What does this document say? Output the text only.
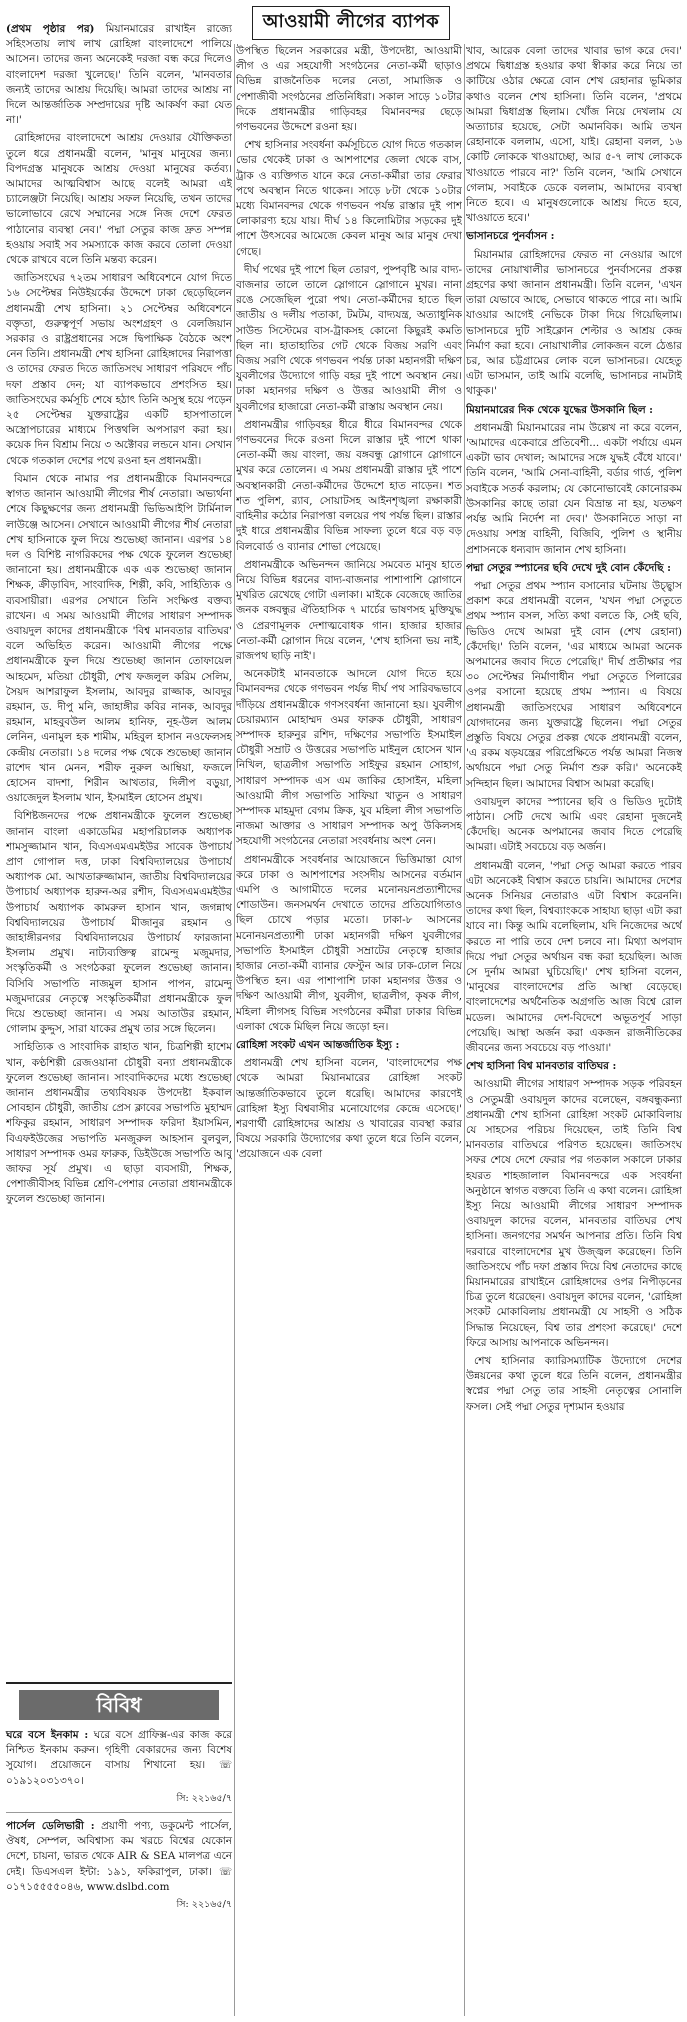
আওয়ামী লীগের ব্যাপক

(প্রথম পৃষ্ঠার পর) মিয়ানমারের রাখাইন রাজ্যে সহিংসতায় লাখ লাখ রোহিঙ্গা বাংলাদেশে পালিয়ে আসেন। তাদের জন্য অনেকেই দরজা বন্ধ করে দিলেও বাংলাদেশ দরজা খুলেছে।' তিনি বলেন, 'মানবতার জন্যই তাদের আশ্রয় দিয়েছি। আমরা তাদের আশ্রয় না দিলে আন্তর্জাতিক সম্প্রদায়ের দৃষ্টি আকর্ষণ করা যেত না।'

রোহিঙ্গাদের বাংলাদেশে আশ্রয় দেওয়ার যৌক্তিকতা তুলে ধরে প্রধানমন্ত্রী বলেন, 'মানুষ মানুষের জন্য। বিপদগ্রস্ত মানুষকে আশ্রয় দেওয়া মানুষের কর্তব্য। আমাদের আত্মবিশ্বাস আছে বলেই আমরা এই চ্যালেঞ্জটা নিয়েছি। আশ্রয় সফল নিয়েছি, তখন তাদের ভালোভাবে রেখে সম্মানের সঙ্গে নিজ দেশে ফেরত পাঠানোর ব্যবস্থা নেব।' পদ্মা সেতুর কাজ দ্রুত সম্পন্ন হওয়ায় সবাই সব সমস্যাকে কাজ করবে তোলা দেওয়া থেকে রাখবে বলে তিনি মন্তব্য করেন।

জাতিসংঘের ৭২তম সাধারণ অধিবেশনে যোগ দিতে ১৬ সেপ্টেম্বর নিউইয়র্কের উদ্দেশে ঢাকা ছেড়েছিলেন প্রধানমন্ত্রী শেখ হাসিনা। ২১ সেপ্টেম্বর অধিবেশনে বক্তৃতা, গুরুত্বপূর্ণ সভায় অংশগ্রহণ ও বেলজিয়ান সরকার ও রাষ্ট্রপ্রধানের সঙ্গে দ্বিপাক্ষিক বৈঠকে অংশ নেন তিনি। প্রধানমন্ত্রী শেখ হাসিনা রোহিঙ্গাদের নিরাপত্তা ও তাদের ফেরত দিতে জাতিসংঘ সাধারণ পরিষদে পাঁচ দফা প্রস্তাব দেন; যা ব্যাপকভাবে প্রশংসিত হয়। জাতিসংঘের কর্মসূচি শেষে হঠাৎ তিনি অসুস্থ হয়ে পড়েন ২৫ সেপ্টেম্বর যুক্তরাষ্ট্রের একটি হাসপাতালে অস্ত্রোপচারের মাধ্যমে পিত্তথলি অপসারণ করা হয়। কয়েক দিন বিশ্রাম নিয়ে ৩ অক্টোবর লন্ডনে যান। সেখান থেকে গতকাল দেশের পথে রওনা হন প্রধানমন্ত্রী।

বিমান থেকে নামার পর প্রধানমন্ত্রীকে বিমানবন্দরে স্বাগত জানান আওয়ামী লীগের শীর্ষ নেতারা। অভ্যর্থনা শেষে কিছুক্ষণের জন্য প্রধানমন্ত্রী ভিভিআইপি টার্মিনাল লাউঞ্জে আসেন। সেখানে আওয়ামী লীগের শীর্ষ নেতারা শেখ হাসিনাকে ফুল দিয়ে শুভেচ্ছা জানান। এরপর ১৪ দল ও বিশিষ্ট নাগরিকদের পক্ষ থেকে ফুলেল শুভেচ্ছা জানানো হয়। প্রধানমন্ত্রীকে এক এক শুভেচ্ছা জানান শিক্ষক, ক্রীড়াবিদ, সাংবাদিক, শিল্পী, কবি, সাহিত্যিক ও ব্যবসায়ীরা। এরপর সেখানে তিনি সংক্ষিপ্ত বক্তব্য রাখেন। এ সময় আওয়ামী লীগের সাধারণ সম্পাদক ওবায়দুল কাদের প্রধানমন্ত্রীকে 'বিশ্ব মানবতার বাতিঘর' বলে অভিহিত করেন। আওয়ামী লীগের পক্ষে প্রধানমন্ত্রীকে ফুল দিয়ে শুভেচ্ছা জানান তোফায়েল আহমেদ, মতিয়া চৌধুরী, শেখ ফজলুল করিম সেলিম, সৈয়দ আশরাফুল ইসলাম, আবদুর রাজ্জাক, আবদুর রহমান, ড. দীপু মনি, জাহাঙ্গীর কবির নানক, আবদুর রহমান, মাহবুবউল আলম হানিফ, নূহ-উল আলম লেনিন, এনামুল হক শামীম, মহিবুল হাসান নওফেলসহ কেন্দ্রীয় নেতারা। ১৪ দলের পক্ষ থেকে শুভেচ্ছা জানান রাশেদ খান মেনন, শরীফ নুরুল আম্বিয়া, ফজলে হোসেন বাদশা, শিরীন আখতার, দিলীপ বড়ুয়া, ওয়াজেদুল ইসলাম খান, ইসমাইল হোসেন প্রমুখ।

বিশিষ্টজনদের পক্ষে প্রধানমন্ত্রীকে ফুলেল শুভেচ্ছা জানান বাংলা একাডেমির মহাপরিচালক অধ্যাপক শামসুজ্জামান খান, বিএসএমএমইউর সাবেক উপাচার্য প্রাণ গোপাল দত্ত, ঢাকা বিশ্ববিদ্যালয়ের উপাচার্য অধ্যাপক মো. আখতারুজ্জামান, জাতীয় বিশ্ববিদ্যালয়ের উপাচার্য অধ্যাপক হারুন-অর রশীদ, বিএসএমএমইউর উপাচার্য অধ্যাপক কামরুল হাসান খান, জগন্নাথ বিশ্ববিদ্যালয়ের উপাচার্য মীজানুর রহমান ও জাহাঙ্গীরনগর বিশ্ববিদ্যালয়ের উপাচার্য ফারজানা ইসলাম প্রমুখ। নাট্যব্যক্তিত্ব রামেন্দু মজুমদার, সংস্কৃতিকর্মী ও সংগঠকরা ফুলেল শুভেচ্ছা জানান। বিসিবি সভাপতি নাজমুল হাসান পাপন, রামেন্দু মজুমদারের নেতৃত্বে সংস্কৃতিকর্মীরা প্রধানমন্ত্রীকে ফুল দিয়ে শুভেচ্ছা জানান। এ সময় আতাউর রহমান, গোলাম কুদ্দুস, সারা যাকের প্রমুখ তার সঙ্গে ছিলেন।

সাহিত্যিক ও সাংবাদিক রাহাত খান, চিত্রশিল্পী হাশেম খান, কণ্ঠশিল্পী রেজওয়ানা চৌধুরী বন্যা প্রধানমন্ত্রীকে ফুলেল শুভেচ্ছা জানান। সাংবাদিকদের মধ্যে শুভেচ্ছা জানান প্রধানমন্ত্রীর তথ্যবিষয়ক উপদেষ্টা ইকবাল সোবহান চৌধুরী, জাতীয় প্রেস ক্লাবের সভাপতি মুহাম্মদ শফিকুর রহমান, সাধারণ সম্পাদক ফরিদা ইয়াসমিন, বিএফইউজের সভাপতি মনজুরুল আহসান বুলবুল, সাধারণ সম্পাদক ওমর ফারুক, ডিইউজে সভাপতি আবু জাফর সূর্য প্রমুখ। এ ছাড়া ব্যবসায়ী, শিক্ষক, পেশাজীবীসহ বিভিন্ন শ্রেণি-পেশার নেতারা প্রধানমন্ত্রীকে ফুলেল শুভেচ্ছা জানান।

বিবিধ
ঘরে বসে ইনকাম : ঘরে বসে গ্রাফিক্স-এর কাজ করে নিশ্চিত ইনকাম করুন। গৃহিণী বেকারদের জন্য বিশেষ সুযোগ। প্রয়োজনে বাসায় শিখানো হয়। ☏ ০১৯১২০৩১৩৭০।
সি: ২২১৬৫/৭
পার্সেল ডেলিভারী : প্রয়াণী পণ্য, ডকুমেন্ট পার্সেল, ঔষধ, সেম্পল, অবিশ্বাস্য কম খরচে বিশ্বের যেকোন দেশে, চায়না, ভারত থেকে AIR & SEA মালপত্র এনে দেই। ডিএসএল ইন্টা: ১৯১, ফকিরাপুল, ঢাকা। ☏ ০১৭১৫৫৫৫০৪৬, www.dslbd.com
সি: ২২১৬৫/৭

উপস্থিত ছিলেন সরকারের মন্ত্রী, উপদেষ্টা, আওয়ামী লীগ ও এর সহযোগী সংগঠনের নেতা-কর্মী ছাড়াও বিভিন্ন রাজনৈতিক দলের নেতা, সামাজিক ও পেশাজীবী সংগঠনের প্রতিনিধিরা। সকাল সাড়ে ১০টার দিকে প্রধানমন্ত্রীর গাড়িবহর বিমানবন্দর ছেড়ে গণভবনের উদ্দেশে রওনা হয়।

শেখ হাসিনার সংবর্ধনা কর্মসূচিতে যোগ দিতে গতকাল ভোর থেকেই ঢাকা ও আশপাশের জেলা থেকে বাস, ট্রাক ও ব্যক্তিগত যানে করে নেতা-কর্মীরা তার ফেরার পথে অবস্থান নিতে থাকেন। সাড়ে ৮টা থেকে ১০টার মধ্যে বিমানবন্দর থেকে গণভবন পর্যন্ত রাস্তার দুই পাশ লোকারণ্য হয়ে যায়। দীর্ঘ ১৪ কিলোমিটার সড়কের দুই পাশে উৎসবের আমেজে কেবল মানুষ আর মানুষ দেখা গেছে।

দীর্ঘ পথের দুই পাশে ছিল তোরণ, পুষ্পবৃষ্টি আর বাদ্য-বাজনার তালে তালে স্লোগানে স্লোগানে মুখর। নানা রঙে সেজেছিল পুরো পথ। নেতা-কর্মীদের হাতে ছিল জাতীয় ও দলীয় পতাকা, টমটম, বাদ্যযন্ত্র, অত্যাধুনিক সাউন্ড সিস্টেমের বাস-ট্রাকসহ কোনো কিছুরই কমতি ছিল না। হাতাহাতির গেট থেকে বিজয় সরণি এবং বিজয় সরণি থেকে গণভবন পর্যন্ত ঢাকা মহানগরী দক্ষিণ যুবলীগের উদ্যোগে গাড়ি বহর দুই পাশে অবস্থান নেয়। ঢাকা মহানগর দক্ষিণ ও উত্তর আওয়ামী লীগ ও যুবলীগের হাজারো নেতা-কর্মী রাস্তায় অবস্থান নেয়।

প্রধানমন্ত্রীর গাড়িবহর ধীরে ধীরে বিমানবন্দর থেকে গণভবনের দিকে রওনা দিলে রাস্তার দুই পাশে থাকা নেতা-কর্মী জয় বাংলা, জয় বঙ্গবন্ধু স্লোগানে স্লোগানে মুখর করে তোলেন। এ সময় প্রধানমন্ত্রী রাস্তার দুই পাশে অবস্থানকারী নেতা-কর্মীদের উদ্দেশে হাত নাড়েন। শত শত পুলিশ, র‍্যাব, সোয়াটসহ আইনশৃঙ্খলা রক্ষাকারী বাহিনীর কঠোর নিরাপত্তা বলয়ের পথ পর্যন্ত ছিল। রাস্তার দুই ধারে প্রধানমন্ত্রীর বিভিন্ন সাফল্য তুলে ধরে বড় বড় বিলবোর্ড ও ব্যানার শোভা পেয়েছে।

প্রধানমন্ত্রীকে অভিনন্দন জানিয়ে সমবেত মানুষ হাতে নিয়ে বিভিন্ন ধরনের বাদ্য-বাজনার পাশাপাশি স্লোগানে মুখরিত রেখেছে গোটা এলাকা। মাইকে বেজেছে জাতির জনক বঙ্গবন্ধুর ঐতিহাসিক ৭ মার্চের ভাষণসহ মুক্তিযুদ্ধ ও প্রেরণামূলক দেশাত্মবোধক গান। হাজার হাজার নেতা-কর্মী স্লোগান দিয়ে বলেন, 'শেখ হাসিনা ভয় নাই, রাজপথ ছাড়ি নাই'।

অনেকটাই মানবতাকে আদলে যোগ দিতে হয়ে বিমানবন্দর থেকে গণভবন পর্যন্ত দীর্ঘ পথ সারিবদ্ধভাবে দাঁড়িয়ে প্রধানমন্ত্রীকে গণসংবর্ধনা জানানো হয়। যুবলীগ চেয়ারম্যান মোহাম্মদ ওমর ফারুক চৌধুরী, সাধারণ সম্পাদক হারুনুর রশিদ, দক্ষিণের সভাপতি ইসমাইল চৌধুরী সম্রাট ও উত্তরের সভাপতি মাইনুল হোসেন খান নিখিল, ছাত্রলীগ সভাপতি সাইফুর রহমান সোহাগ, সাধারণ সম্পাদক এস এম জাকির হোসাইন, মহিলা আওয়ামী লীগ সভাপতি সাফিয়া খাতুন ও সাধারণ সম্পাদক মাহমুদা বেগম ক্রিক, যুব মহিলা লীগ সভাপতি নাজমা আক্তার ও সাধারণ সম্পাদক অপু উকিলসহ সহযোগী সংগঠনের নেতারা সংবর্ধনায় অংশ নেন।

প্রধানমন্ত্রীকে সংবর্ধনার আয়োজনে ভিত্তিমান্তা যোগ করে ঢাকা ও আশপাশের সংসদীয় আসনের বর্তমান এমপি ও আগামীতে দলের মনোনয়নপ্রত্যাশীদের শোডাউন। জনসমর্থন দেখাতে তাদের প্রতিযোগিতাও ছিল চোখে পড়ার মতো। ঢাকা-৮ আসনের মনোনয়নপ্রত্যাশী ঢাকা মহানগরী দক্ষিণ যুবলীগের সভাপতি ইসমাইল চৌধুরী সম্রাটের নেতৃত্বে হাজার হাজার নেতা-কর্মী ব্যানার ফেস্টুন আর ঢাক-ঢোল নিয়ে উপস্থিত হন। এর পাশাপাশি ঢাকা মহানগর উত্তর ও দক্ষিণ আওয়ামী লীগ, যুবলীগ, ছাত্রলীগ, কৃষক লীগ, মহিলা লীগসহ বিভিন্ন সংগঠনের কর্মীরা ঢাকার বিভিন্ন এলাকা থেকে মিছিল নিয়ে জড়ো হন।

রোহিঙ্গা সংকট এখন আন্তর্জাতিক ইস্যু :

প্রধানমন্ত্রী শেখ হাসিনা বলেন, 'বাংলাদেশের পক্ষ থেকে আমরা মিয়ানমারের রোহিঙ্গা সংকট আন্তর্জাতিকভাবে তুলে ধরেছি। আমাদের কারণেই রোহিঙ্গা ইস্যু বিশ্ববাসীর মনোযোগের কেন্দ্রে এসেছে।' শরণার্থী রোহিঙ্গাদের আশ্রয় ও খাবারের ব্যবস্থা করার বিষয়ে সরকারি উদ্যোগের কথা তুলে ধরে তিনি বলেন, 'প্রয়োজনে এক বেলা

খাব, আরেক বেলা তাদের খাবার ভাগ করে দেব।' প্রথমে দ্বিধাগ্রস্ত হওয়ার কথা স্বীকার করে নিয়ে তা কাটিয়ে ওঠার ক্ষেত্রে বোন শেখ রেহানার ভূমিকার কথাও বলেন শেখ হাসিনা। তিনি বলেন, 'প্রথমে আমরা দ্বিধাগ্রস্ত ছিলাম। খোঁজ নিয়ে দেখলাম যে অত্যাচার হয়েছে, সেটা অমানবিক। আমি তখন রেহানাকে বললাম, এসো, যাই। রেহানা বলল, ১৬ কোটি লোককে খাওয়াচ্ছো, আর ৫-৭ লাখ লোককে খাওয়াতে পারবে না?' তিনি বলেন, 'আমি সেখানে গেলাম, সবাইকে ডেকে বললাম, আমাদের ব্যবস্থা নিতে হবে। এ মানুষগুলোকে আশ্রয় দিতে হবে, খাওয়াতে হবে।'

ভাসানচরে পুনর্বাসন :

মিয়ানমার রোহিঙ্গাদের ফেরত না নেওয়ার আগে তাদের নোয়াখালীর ভাসানচরে পুনর্বাসনের প্রকল্প গ্রহণের কথা জানান প্রধানমন্ত্রী। তিনি বলেন, 'এখন তারা যেভাবে আছে, সেভাবে থাকতে পারে না। আমি যাওয়ার আগেই নেভিকে টাকা দিয়ে গিয়েছিলাম। ভাসানচরে দুটি সাইক্লোন শেল্টার ও আশ্রয় কেন্দ্র নির্মাণ করা হবে। নোয়াখালীর লোকজন বলে ঠেঙার চর, আর চট্টগ্রামের লোক বলে ভাসানচর। যেহেতু এটা ভাসমান, তাই আমি বলেছি, ভাসানচর নামটাই থাকুক।'

মিয়ানমারের দিক থেকে যুদ্ধের উসকানি ছিল :

প্রধানমন্ত্রী মিয়ানমারের নাম উল্লেখ না করে বলেন, 'আমাদের একেবারে প্রতিবেশী... একটা পর্যায়ে এমন একটা ভাব দেখাল; আমাদের সঙ্গে যুদ্ধই বেঁধে যাবে।' তিনি বলেন, 'আমি সেনা-বাহিনী, বর্ডার গার্ড, পুলিশ সবাইকে সতর্ক করলাম; যে কোনোভাবেই কোনোরকম উসকানির কাছে তারা যেন বিভ্রান্ত না হয়, যতক্ষণ পর্যন্ত আমি নির্দেশ না দেব।' উসকানিতে সাড়া না দেওয়ায় সশস্ত্র বাহিনী, বিজিবি, পুলিশ ও স্থানীয় প্রশাসনকে ধন্যবাদ জানান শেখ হাসিনা।

পদ্মা সেতুর স্প্যানের ছবি দেখে দুই বোন কেঁদেছি :

পদ্মা সেতুর প্রথম স্প্যান বসানোর ঘটনায় উচ্ছ্বাস প্রকাশ করে প্রধানমন্ত্রী বলেন, 'যখন পদ্মা সেতুতে প্রথম স্প্যান বসল, সত্যি কথা বলতে কি, সেই ছবি, ভিডিও দেখে আমরা দুই বোন (শেখ রেহানা) কেঁদেছি।' তিনি বলেন, 'এর মাধ্যমে আমরা অনেক অপমানের জবাব দিতে পেরেছি।' দীর্ঘ প্রতীক্ষার পর ৩০ সেপ্টেম্বর নির্মাণাধীন পদ্মা সেতুতে পিলারের ওপর বসানো হয়েছে প্রথম স্প্যান। এ বিষয়ে প্রধানমন্ত্রী জাতিসংঘের সাধারণ অধিবেশনে যোগদানের জন্য যুক্তরাষ্ট্রে ছিলেন। পদ্মা সেতুর প্রস্তুতি বিষয়ে সেতুর প্রকল্প থেকে প্রধানমন্ত্রী বলেন, 'এ রকম ষড়যন্ত্রের পরিপ্রেক্ষিতে পর্যন্ত আমরা নিজস্ব অর্থায়নে পদ্মা সেতু নির্মাণ শুরু করি।' অনেকেই সন্দিহান ছিল। আমাদের বিশ্বাস আমরা করেছি।

ওবায়দুল কাদের স্প্যানের ছবি ও ভিডিও দুটোই পাঠান। সেটি দেখে আমি এবং রেহানা দুজনেই কেঁদেছি। অনেক অপমানের জবাব দিতে পেরেছি আমরা। এটাই সবচেয়ে বড় অর্জন।

প্রধানমন্ত্রী বলেন, 'পদ্মা সেতু আমরা করতে পারব এটা অনেকেই বিশ্বাস করতে চায়নি। আমাদের দেশের অনেক সিনিয়র নেতারাও এটা বিশ্বাস করেননি। তাদের কথা ছিল, বিশ্বব্যাংককে সাহায্য ছাড়া এটা করা যাবে না। কিন্তু আমি বলেছিলাম, যদি নিজেদের অর্থে করতে না পারি তবে দেশ চলবে না। মিথ্যা অপবাদ দিয়ে পদ্মা সেতুর অর্থায়ন বন্ধ করা হয়েছিল। আজ সে দুর্নাম আমরা ঘুচিয়েছি।' শেখ হাসিনা বলেন, 'মানুষের বাংলাদেশের প্রতি আস্থা বেড়েছে। বাংলাদেশের অর্থনৈতিক অগ্রগতি আজ বিশ্বে রোল মডেল। আমাদের দেশ-বিদেশে অভূতপূর্ব সাড়া পেয়েছি। আস্থা অর্জন করা একজন রাজনীতিকের জীবনের জন্য সবচেয়ে বড় পাওয়া।'

শেখ হাসিনা বিশ্ব মানবতার বাতিঘর :

আওয়ামী লীগের সাধারণ সম্পাদক সড়ক পরিবহন ও সেতুমন্ত্রী ওবায়দুল কাদের বলেছেন, বঙ্গবন্ধুকন্যা প্রধানমন্ত্রী শেখ হাসিনা রোহিঙ্গা সংকট মোকাবিলায় যে সাহসের পরিচয় দিয়েছেন, তাই তিনি বিশ্ব মানবতার বাতিঘরে পরিণত হয়েছেন। জাতিসংঘ সফর শেষে দেশে ফেরার পর গতকাল সকালে ঢাকার হযরত শাহজালাল বিমানবন্দরে এক সংবর্ধনা অনুষ্ঠানে স্বাগত বক্তব্যে তিনি এ কথা বলেন। রোহিঙ্গা ইস্যু নিয়ে আওয়ামী লীগের সাধারণ সম্পাদক ওবায়দুল কাদের বলেন, মানবতার বাতিঘর শেখ হাসিনা। জনগণের সমর্থন আপনার প্রতি। তিনি বিশ্ব দরবারে বাংলাদেশের মুখ উজ্জ্বল করেছেন। তিনি জাতিসংঘে পাঁচ দফা প্রস্তাব দিয়ে বিশ্ব নেতাদের কাছে মিয়ানমারের রাখাইনে রোহিঙ্গাদের ওপর নিপীড়নের চিত্র তুলে ধরেছেন। ওবায়দুল কাদের বলেন, 'রোহিঙ্গা সংকট মোকাবিলায় প্রধানমন্ত্রী যে সাহসী ও সঠিক সিদ্ধান্ত নিয়েছেন, বিশ্ব তার প্রশংসা করেছে।' দেশে ফিরে আসায় আপনাকে অভিনন্দন।

শেখ হাসিনার ক্যারিসম্যাটিক উদ্যোগে দেশের উন্নয়নের কথা তুলে ধরে তিনি বলেন, প্রধানমন্ত্রীর স্বপ্নের পদ্মা সেতু তার সাহসী নেতৃত্বের সোনালি ফসল। সেই পদ্মা সেতুর দৃশ্যমান হওয়ার
